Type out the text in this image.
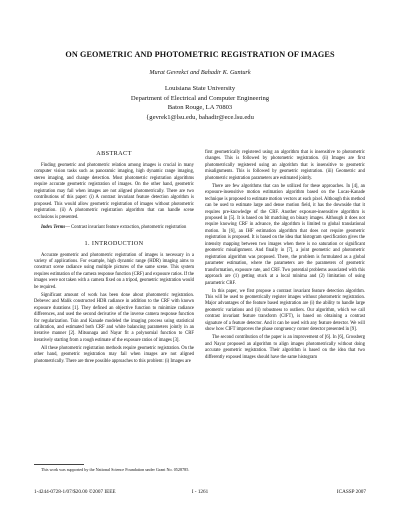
ON GEOMETRIC AND PHOTOMETRIC REGISTRATION OF IMAGES
Murat Gevrekci and Bahadir K. Gunturk
Louisiana State University
Department of Electrical and Computer Engineering
Baton Rouge, LA 70803
{gevrek1@lsu.edu, bahadir@ece.lsu.edu
ABSTRACT

Finding geometric and photometric relation among images is crucial in many computer vision tasks such as panoramic imaging, high dynamic range imaging, stereo imaging, and change detection. Most photometric registration algorithms require accurate geometric registration of images. On the other hand, geometric registration may fail when images are not aligned photometrically. There are two contributions of this paper: (i) A contrast invariant feature detection algorithm is proposed. This would allow geometric registration of images without photometric registration. (ii) A photometric registration algorithm that can handle scene occlusions is presented.

Index Terms— Contrast invariant feature extraction, photometric registration

1. INTRODUCTION

Accurate geometric and photometric registration of images is necessary in a variety of applications. For example, high dynamic range (HDR) imaging aims to construct scene radiance using multiple pictures of the same scene. This system requires estimation of the camera response function (CRF) and exposure ratios. If the images were not taken with a camera fixed on a tripod, geometric registration would be required.

Significant amount of work has been done about photometric registration. Debevec and Malik constructed HDR radiance in addition to the CRF with known exposure durations [1]. They defined an objective function to minimize radiance differences, and used the second derivative of the inverse camera response function for regularization. Tsin and Kanade modeled the imaging process using statistical calibration, and estimated both CRF and white balancing parameters jointly in an iterative manner [2]. Mitsunaga and Nayar fit a polynomial function to CRF iteratively starting from a rough estimate of the exposure ratios of images [3].

All these photometric registration methods require geometric registration. On the other hand, geometric registration may fail when images are not aligned photometrically. There are three possible approaches to this problem: (i) Images are

first geometrically registered using an algorithm that is insensitive to photometric changes. This is followed by photometric registration. (ii) Images are first photometrically registered using an algorithm that is insensitive to geometric misalignments. This is followed by geometric registration. (iii) Geometric and photometric registration parameters are estimated jointly.

There are few algorithms that can be utilized for these approaches. In [4], an exposure-insensitive motion estimation algorithm based on the Lucas-Kanade technique is proposed to estimate motion vectors at each pixel. Although this method can be used to estimate large and dense motion field, it has the downside that it requires pre-knowledge of the CRF. Another exposure-insensitive algorithm is proposed in [5]. It is based on bit matching on binary images. Although it does not require knowing CRF in advance, the algorithm is limited to global translational motion. In [6], an IHF estimation algorithm that does not require geometric registration is proposed. It is based on the idea that histogram specification gives the intensity mapping between two images when there is no saturation or significant geometric misalignment. And finally in [7], a joint geometric and photometric registration algorithm was proposed. There, the problem is formulated as a global parameter estimation, where the parameters are the parameters of geometric transformation, exposure rate, and CRF. Two potential problems associated with this approach are (1) getting stuck at a local minima and (2) limitation of using parametric CRF.

In this paper, we first propose a contrast invariant feature detection algorithm. This will be used to geometrically register images without photometric registration. Major advantages of the feature based registration are (i) the ability to handle large geometric variations and (ii) robustness to outliers. Our algorithm, which we call contrast invariant feature transform (CIFT), is based on obtaining a contrast signature of a feature detector. And it can be used with any feature detector. We will show how CIFT improves the phase congruency corner detector presented in [9].

The second contribution of the paper is an improvement of [6]. In [6], Grossberg and Nayar proposed an algorithm to align images photometrically without doing accurate geometric registration. Their algorithm is based on the idea that two differently exposed images should have the same histogram

This work was supported by the National Science Foundation under Grant No. 0528785.
1-4244-0728-1/07/$20.00 ©2007 IEEE	I - 1261	ICASSP 2007
